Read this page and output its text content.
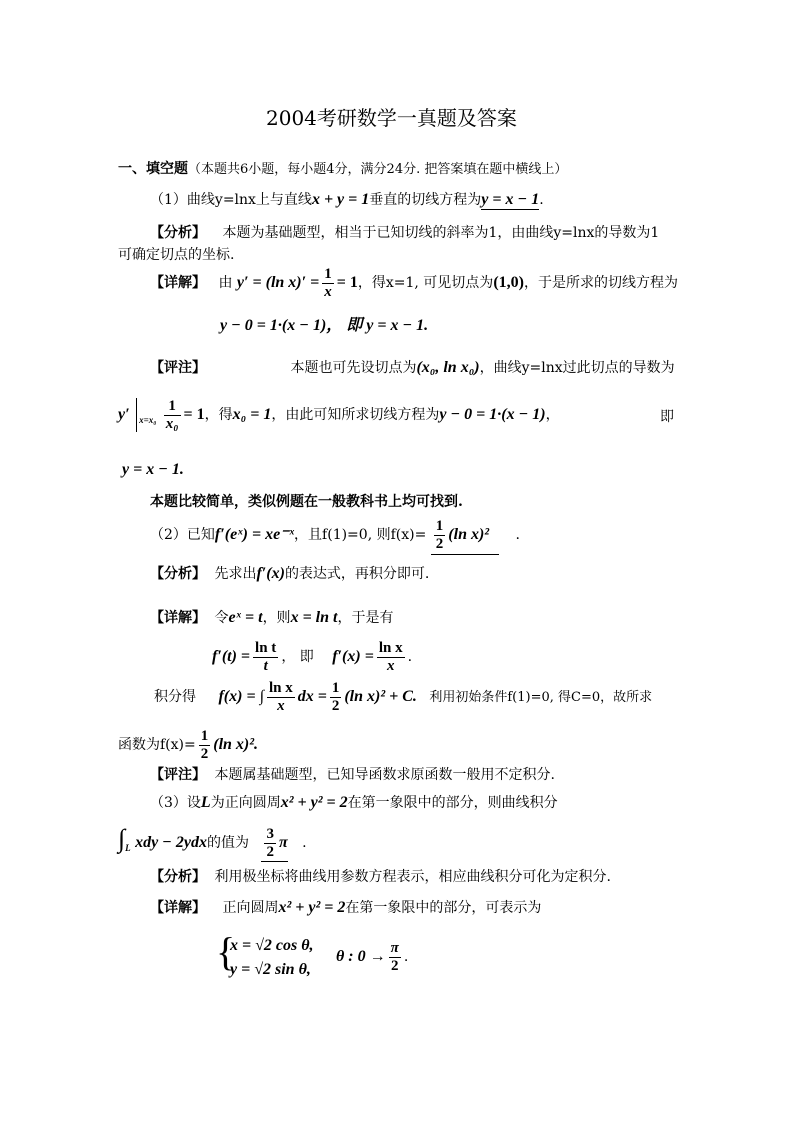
2004考研数学一真题及答案
一、填空题（本题共6小题，每小题4分，满分24分. 把答案填在题中横线上）
（1）曲线y=lnx上与直线x + y = 1垂直的切线方程为y = x − 1.
【分析】 本题为基础题型，相当于已知切线的斜率为1，由曲线y=lnx的导数为1
可确定切点的坐标.
【详解】 由 y′ = (ln $x)' = \frac{1}{x} = 1$，得x=1, 可见切点为(1,0)，于是所求的切线方程为
y − 0 = 1·(x − 1)， 即 y = x − 1.
【评注】	本题也可先设切点为(x₀, ln x₀)，曲线y=lnx过此切点的导数为
y′ $_{x=x_0} \frac{1}{\text{x₀}} = 1$，得x₀ = 1，由此可知所求切线方程为y − 0 = 1·(x − 1)，	即
y = x − 1.
本题比较简单，类似例题在一般教科书上均可找到.
（2）已知f′(eˣ) = xe⁻ˣ，且f(1)=0, 则$f(x)= \frac{1}{2} (\ln$ x)² .
【分析】 先求出f′(x)的表达式，再积分即可.
【详解】 令eˣ = t，则x = ln t，于是有
$f'(t) = \frac{\text{ln t}}{t}$ ， 即 $f'(x) = \frac{\text{ln x}}{x}$ .
积分得 f(x) = ∫ $\frac{\text{ln x}}{x}$ dx = $\frac{1}{2} (\ln$ x)² + C. 利用初始条件f(1)=0, 得C=0，故所求
函数为$f(x)= \frac{1}{2} (\ln$ x)².
【评注】 本题属基础题型，已知导函数求原函数一般用不定积分.
（3）设L为正向圆周x² + y² = 2在第一象限中的部分，则曲线积分
$\int_L$ xdy − 2ydx的值为 $\frac{3}{2}$ π .
【分析】 利用极坐标将曲线用参数方程表示，相应曲线积分可化为定积分.
【详解】 正向圆周x² + y² = 2在第一象限中的部分，可表示为
{
x = √2 cos θ,
y = √2 sin θ,
θ : $0 \to \frac{\pi}{2}$ .
